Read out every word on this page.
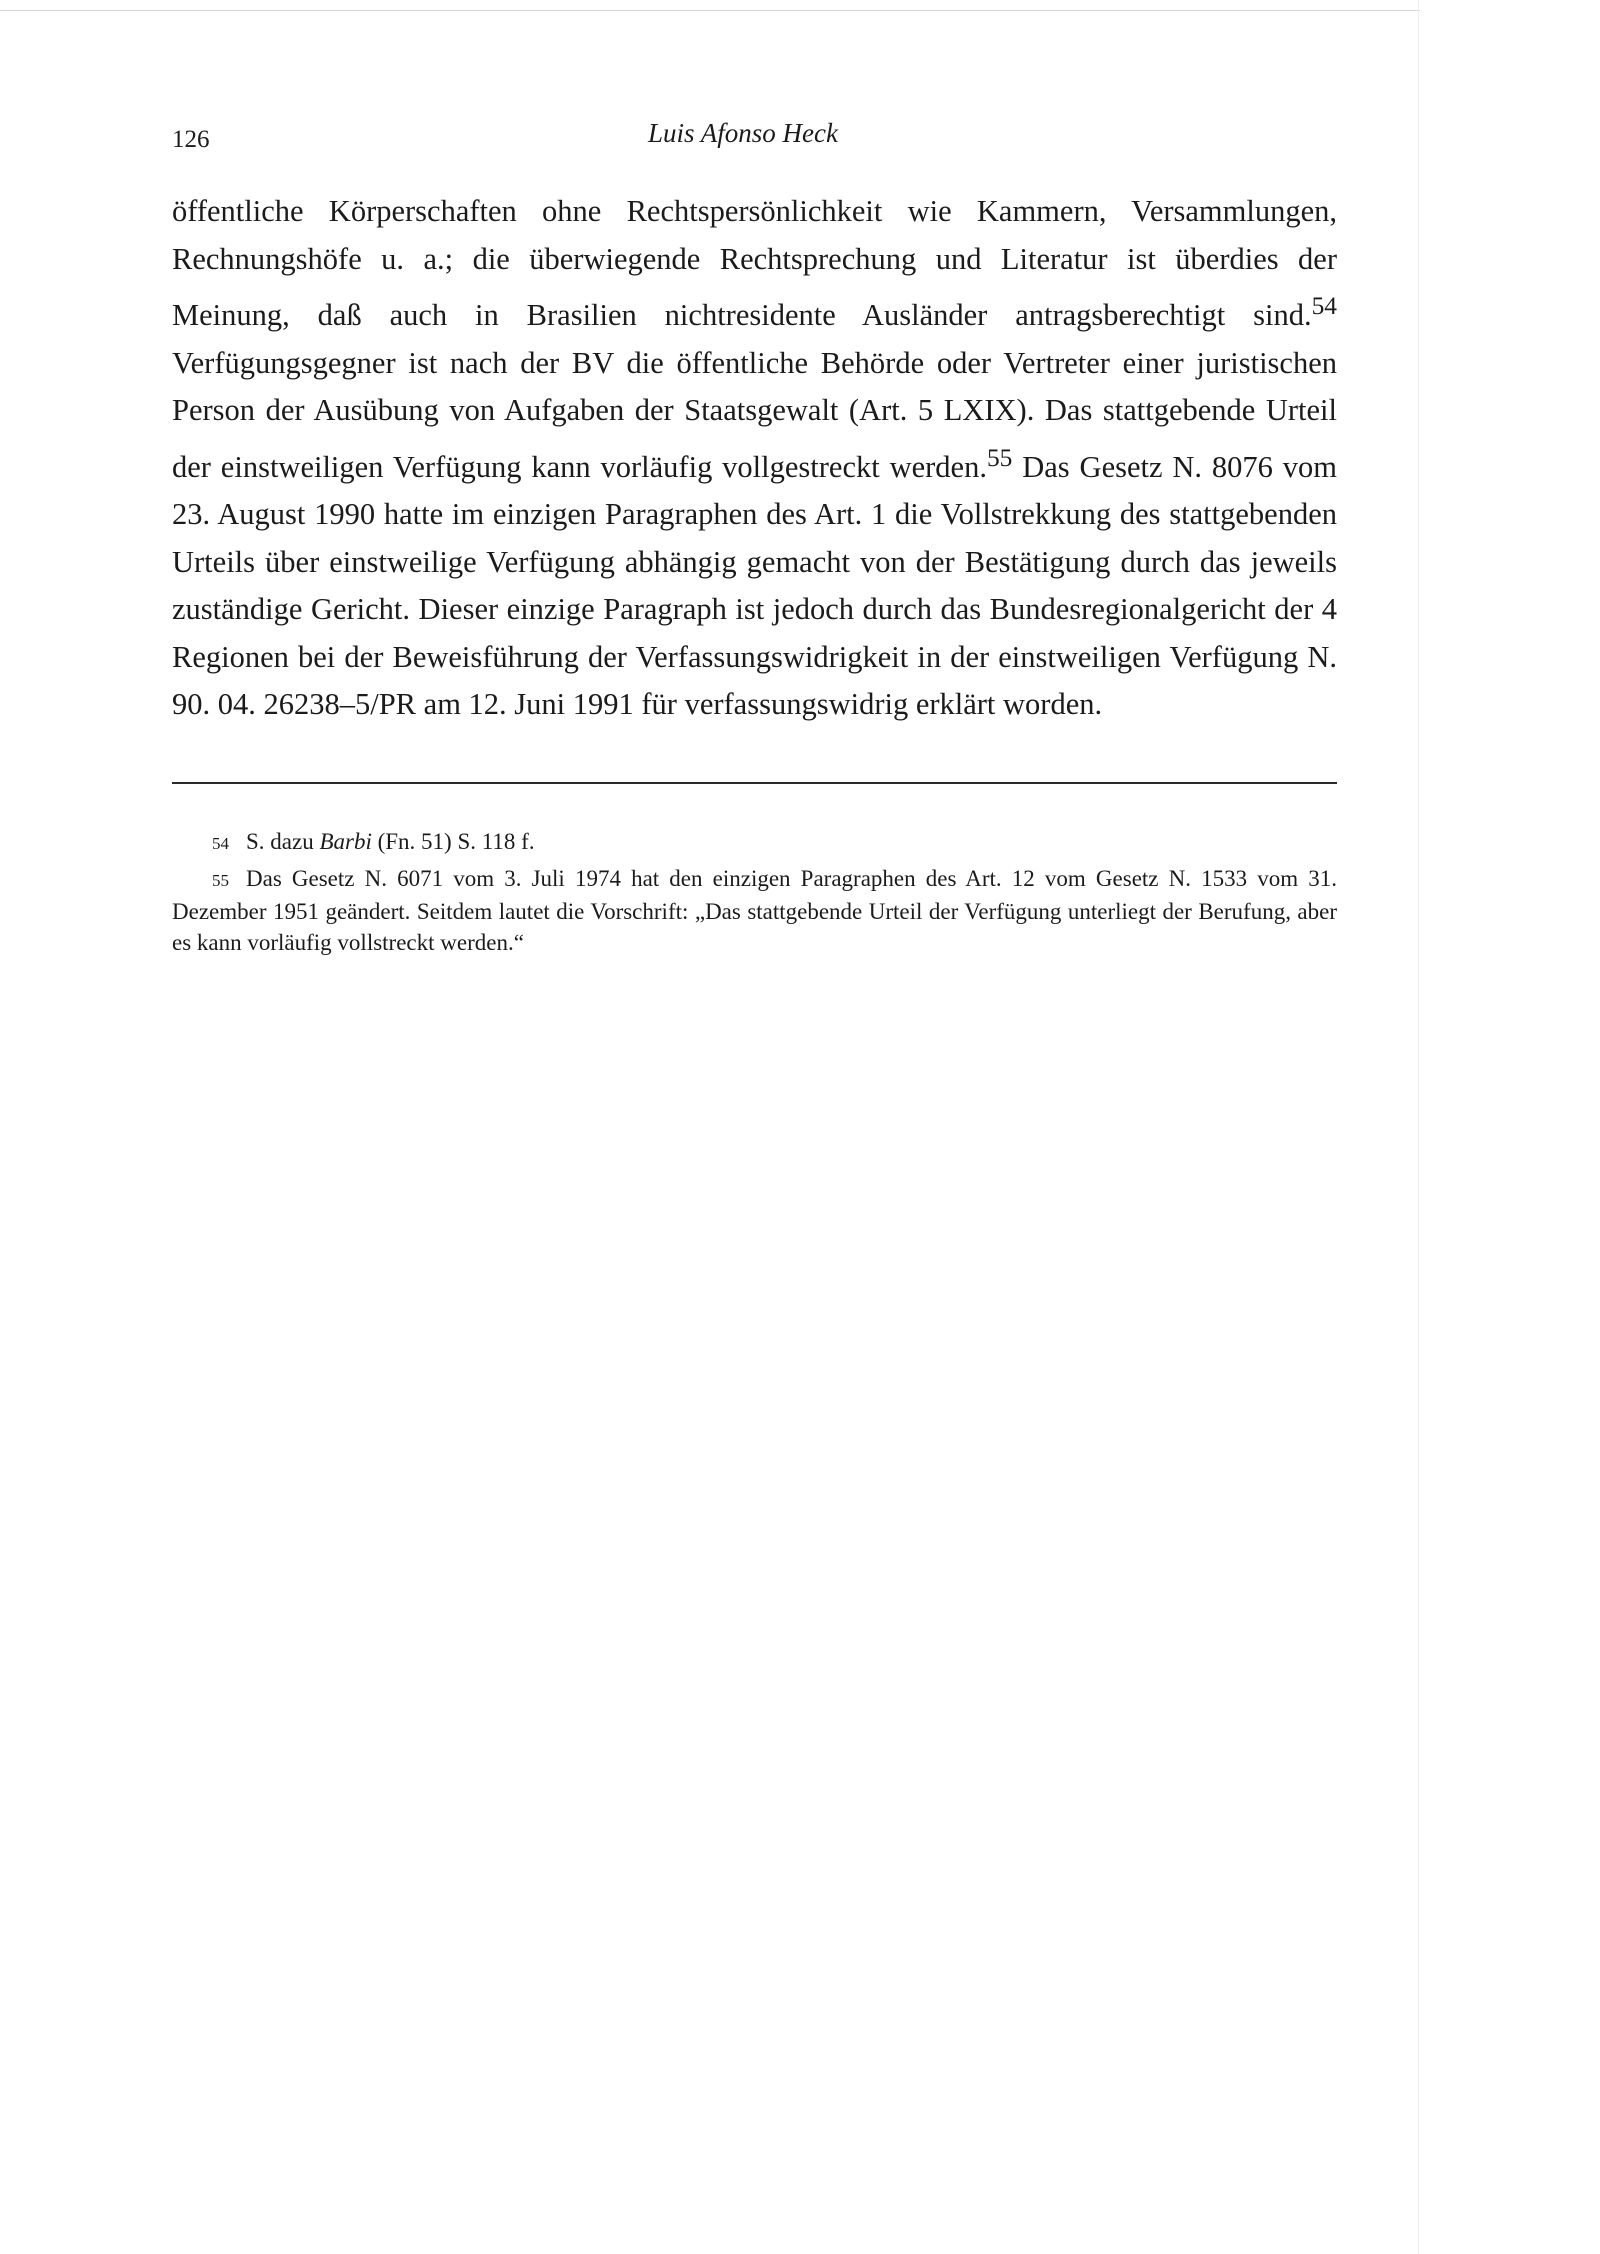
126	Luis Afonso Heck

öffentliche Körperschaften ohne Rechtspersönlichkeit wie Kammern, Versammlungen, Rechnungshöfe u. a.; die überwiegende Rechtsprechung und Literatur ist überdies der Meinung, daß auch in Brasilien nichtresidente Ausländer antragsberechtigt sind.$^{54}$ Verfügungsgegner ist nach der BV die öffentliche Behörde oder Vertreter einer juristischen Person der Ausübung von Aufgaben der Staatsgewalt (Art. 5 LXIX). Das stattgebende Urteil der einstweiligen Verfügung kann vorläufig vollgestreckt werden.$^{55}$ Das Gesetz N. 8076 vom 23. August 1990 hatte im einzigen Paragraphen des Art. 1 die Vollstrekkung des stattgebenden Urteils über einstweilige Verfügung abhängig gemacht von der Bestätigung durch das jeweils zuständige Gericht. Dieser einzige Paragraph ist jedoch durch das Bundesregionalgericht der 4 Regionen bei der Beweisführung der Verfassungswidrigkeit in der einstweiligen Verfügung N. 90. 04. 26238–5/PR am 12. Juni 1991 für verfassungswidrig erklärt worden.

54 S. dazu Barbi (Fn. 51) S. 118 f.

55 Das Gesetz N. 6071 vom 3. Juli 1974 hat den einzigen Paragraphen des Art. 12 vom Gesetz N. 1533 vom 31. Dezember 1951 geändert. Seitdem lautet die Vorschrift: „Das stattgebende Urteil der Verfügung unterliegt der Berufung, aber es kann vorläufig vollstreckt werden.“
